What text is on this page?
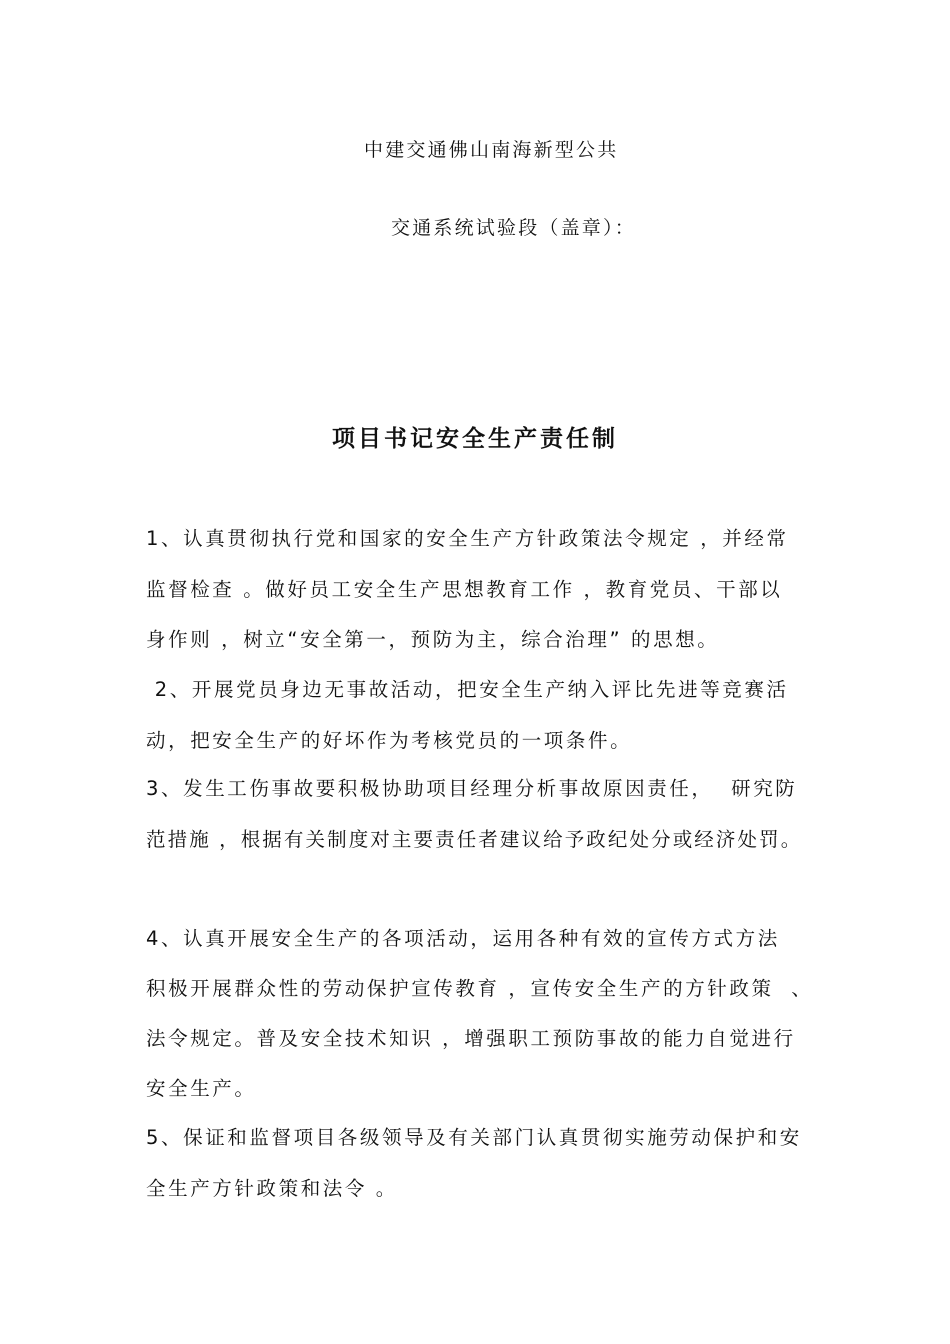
中建交通佛山南海新型公共
交通系统试验段（盖章）：
项目书记安全生产责任制
1、认真贯彻执行党和国家的安全生产方针政策法令规定 ，并经常
监督检查 。做好员工安全生产思想教育工作 ，教育党员、干部以
身作则 ，树立“安全第一，预防为主，综合治理” 的思想。
2、开展党员身边无事故活动，把安全生产纳入评比先进等竞赛活
动，把安全生产的好坏作为考核党员的一项条件。
3、发生工伤事故要积极协助项目经理分析事故原因责任，  研究防
范措施 ，根据有关制度对主要责任者建议给予政纪处分或经济处罚。
4、认真开展安全生产的各项活动，运用各种有效的宣传方式方法
积极开展群众性的劳动保护宣传教育 ，宣传安全生产的方针政策  、
法令规定。普及安全技术知识 ，增强职工预防事故的能力自觉进行
安全生产。
5、保证和监督项目各级领导及有关部门认真贯彻实施劳动保护和安
全生产方针政策和法令 。
